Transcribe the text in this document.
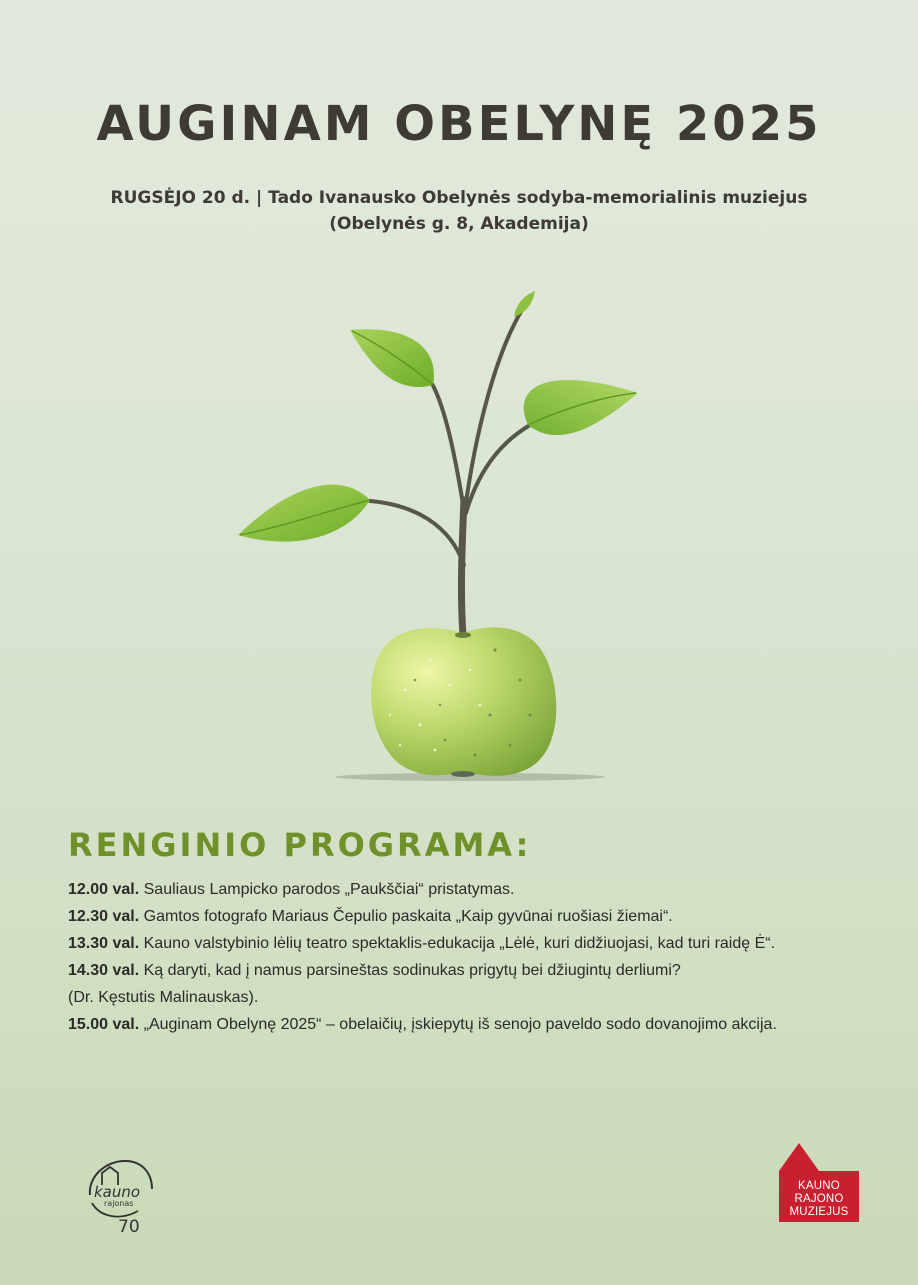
AUGINAM OBELYNĘ 2025
RUGSĖJO 20 d. | Tado Ivanausko Obelynės sodyba-memorialinis muziejus
(Obelynės g. 8, Akademija)
RENGINIO PROGRAMA:
12.00 val. Sauliaus Lampicko parodos „Paukščiai“ pristatymas.
12.30 val. Gamtos fotografo Mariaus Čepulio paskaita „Kaip gyvūnai ruošiasi žiemai“.
13.30 val. Kauno valstybinio lėlių teatro spektaklis-edukacija „Lėlė, kuri didžiuojasi, kad turi raidę Ė“.
14.30 val. Ką daryti, kad į namus parsineštas sodinukas prigytų bei džiugintų derliumi?
(Dr. Kęstutis Malinauskas).
15.00 val. „Auginam Obelynę 2025“ – obelaičių, įskiepytų iš senojo paveldo sodo dovanojimo akcija.
kauno
rajonas
70
KAUNO
RAJONO
MUZIEJUS
